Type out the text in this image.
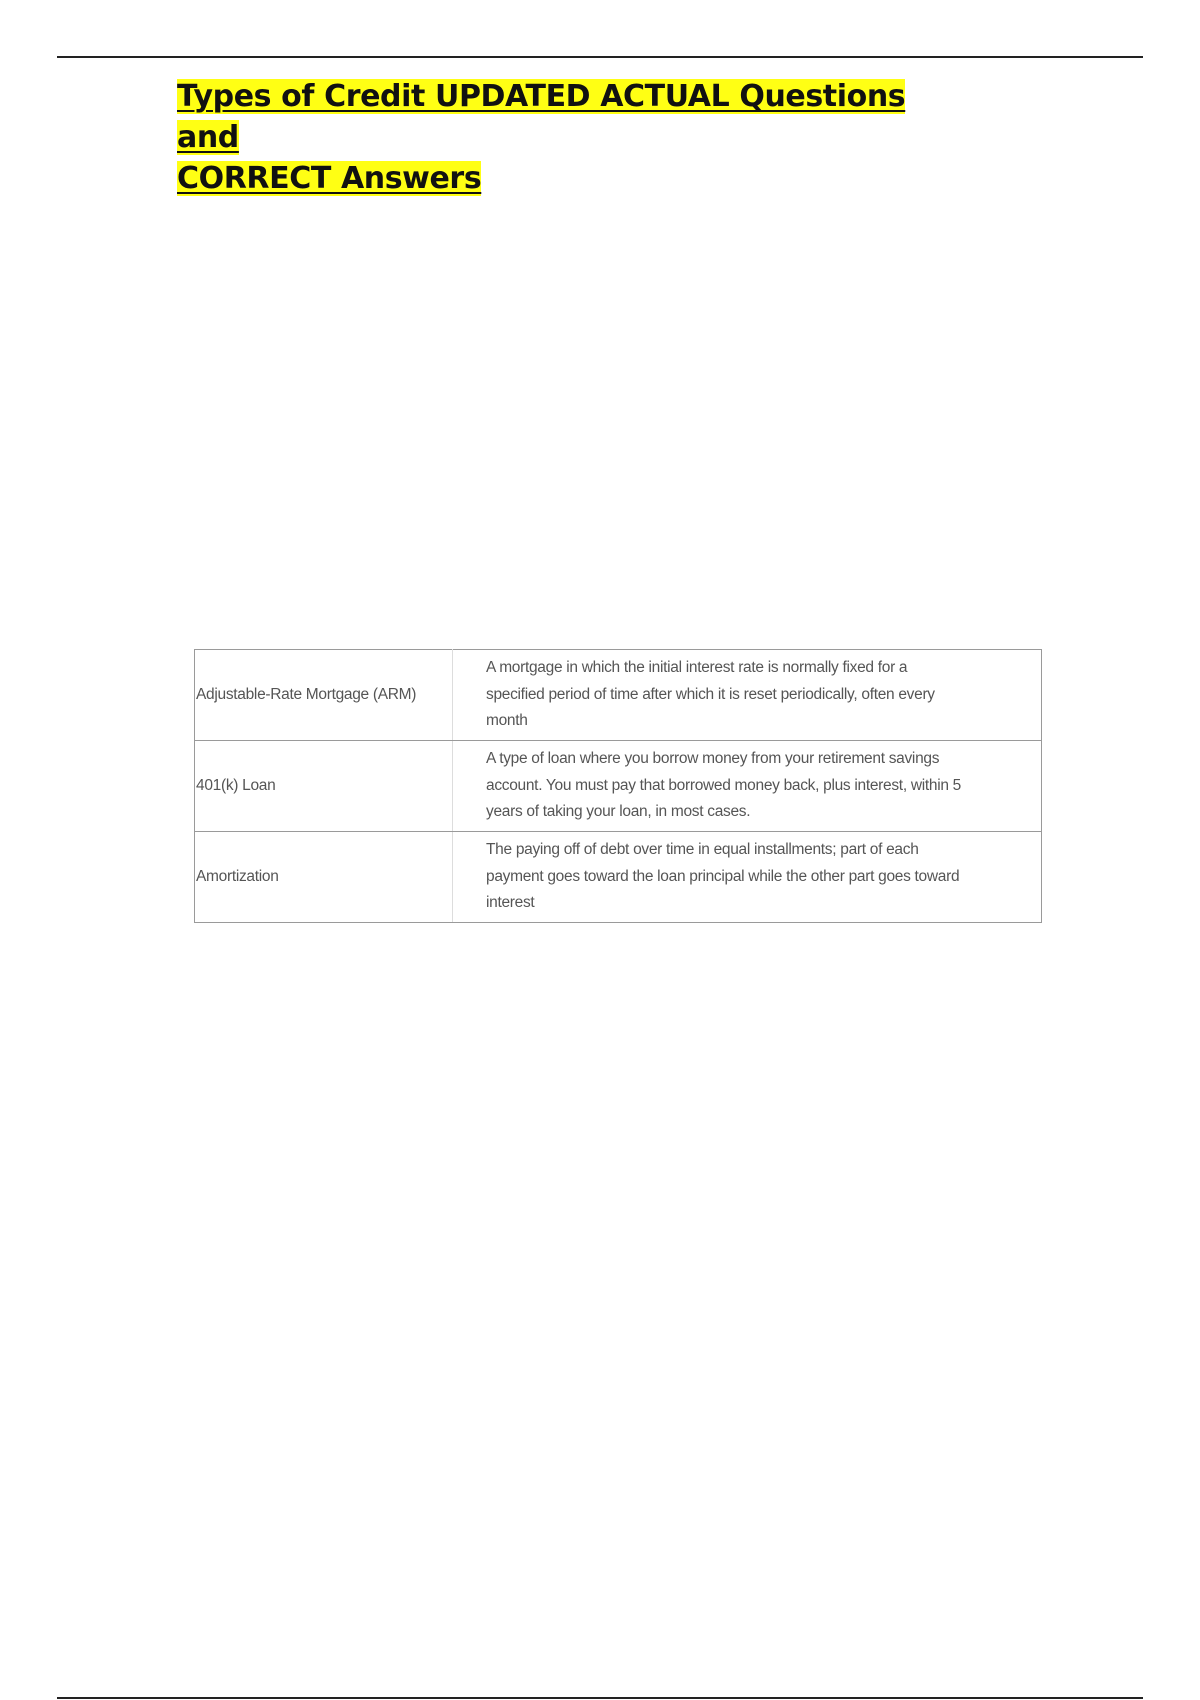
Types of Credit UPDATED ACTUAL Questions and
CORRECT Answers
Adjustable-Rate Mortgage (ARM)	A mortgage in which the initial interest rate is normally fixed for a specified period of time after which it is reset periodically, often every month
401(k) Loan	A type of loan where you borrow money from your retirement savings account. You must pay that borrowed money back, plus interest, within 5 years of taking your loan, in most cases.
Amortization	The paying off of debt over time in equal installments; part of each payment goes toward the loan principal while the other part goes toward interest
